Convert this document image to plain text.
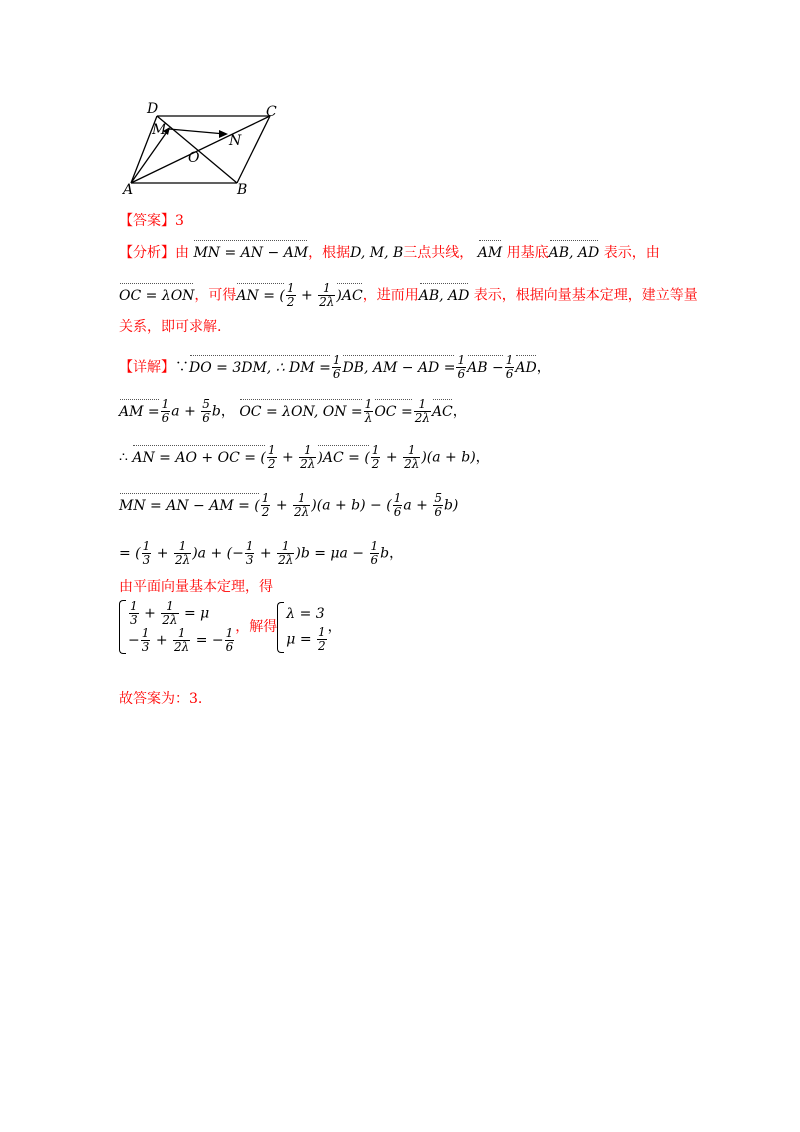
D	C
M
N
O
A	B
【答案】3
【分析】由 MN = AN − AM，根据D, M, B三点共线， AM 用基底AB, AD 表示，由
OC = λON，可得AN = ( $\frac{1}{2} + \frac{1}{2\lambda} )AC$，进而用AB, AD 表示，根据向量基本定理，建立等量
关系，即可求解.
【详解】∵DO = 3DM, ∴ DM = $\frac{1}{6}$ DB, AM − AD = $\frac{1}{6}$ AB − $\frac{1}{6}$ AD，
AM = $\frac{1}{6}$ $a + \frac{5}{6}$ b， OC = λON, ON = $\frac{1}{\lambda}$ OC = $\frac{1}{2\lambda}$ AC，
∴ AN = AO + OC = ( $\frac{1}{2} + \frac{1}{2\lambda} )AC$ = ( $\frac{1}{2} + \frac{1}{2\lambda} )(a + b)$，
MN = AN − AM = ( $\frac{1}{2} + \frac{1}{2\lambda} )(a + b)$ − ( $\frac{1}{6}$ $a + \frac{5}{6} b$)
= ( $\frac{1}{3} + \frac{1}{2\lambda} )a$ + (− $\frac{1}{3} + \frac{1}{2\lambda} )b = \mu a - \frac{1}{6}$ b，
由平面向量基本定理，得
$\frac{1}{3} + \frac{1}{2\lambda} = \mu$
− $\frac{1}{3} + \frac{1}{2\lambda}$ = − $\frac{1}{6}$ ，解得
λ = 3
$\mu = \frac{1}{2}$ ，
故答案为：3.
